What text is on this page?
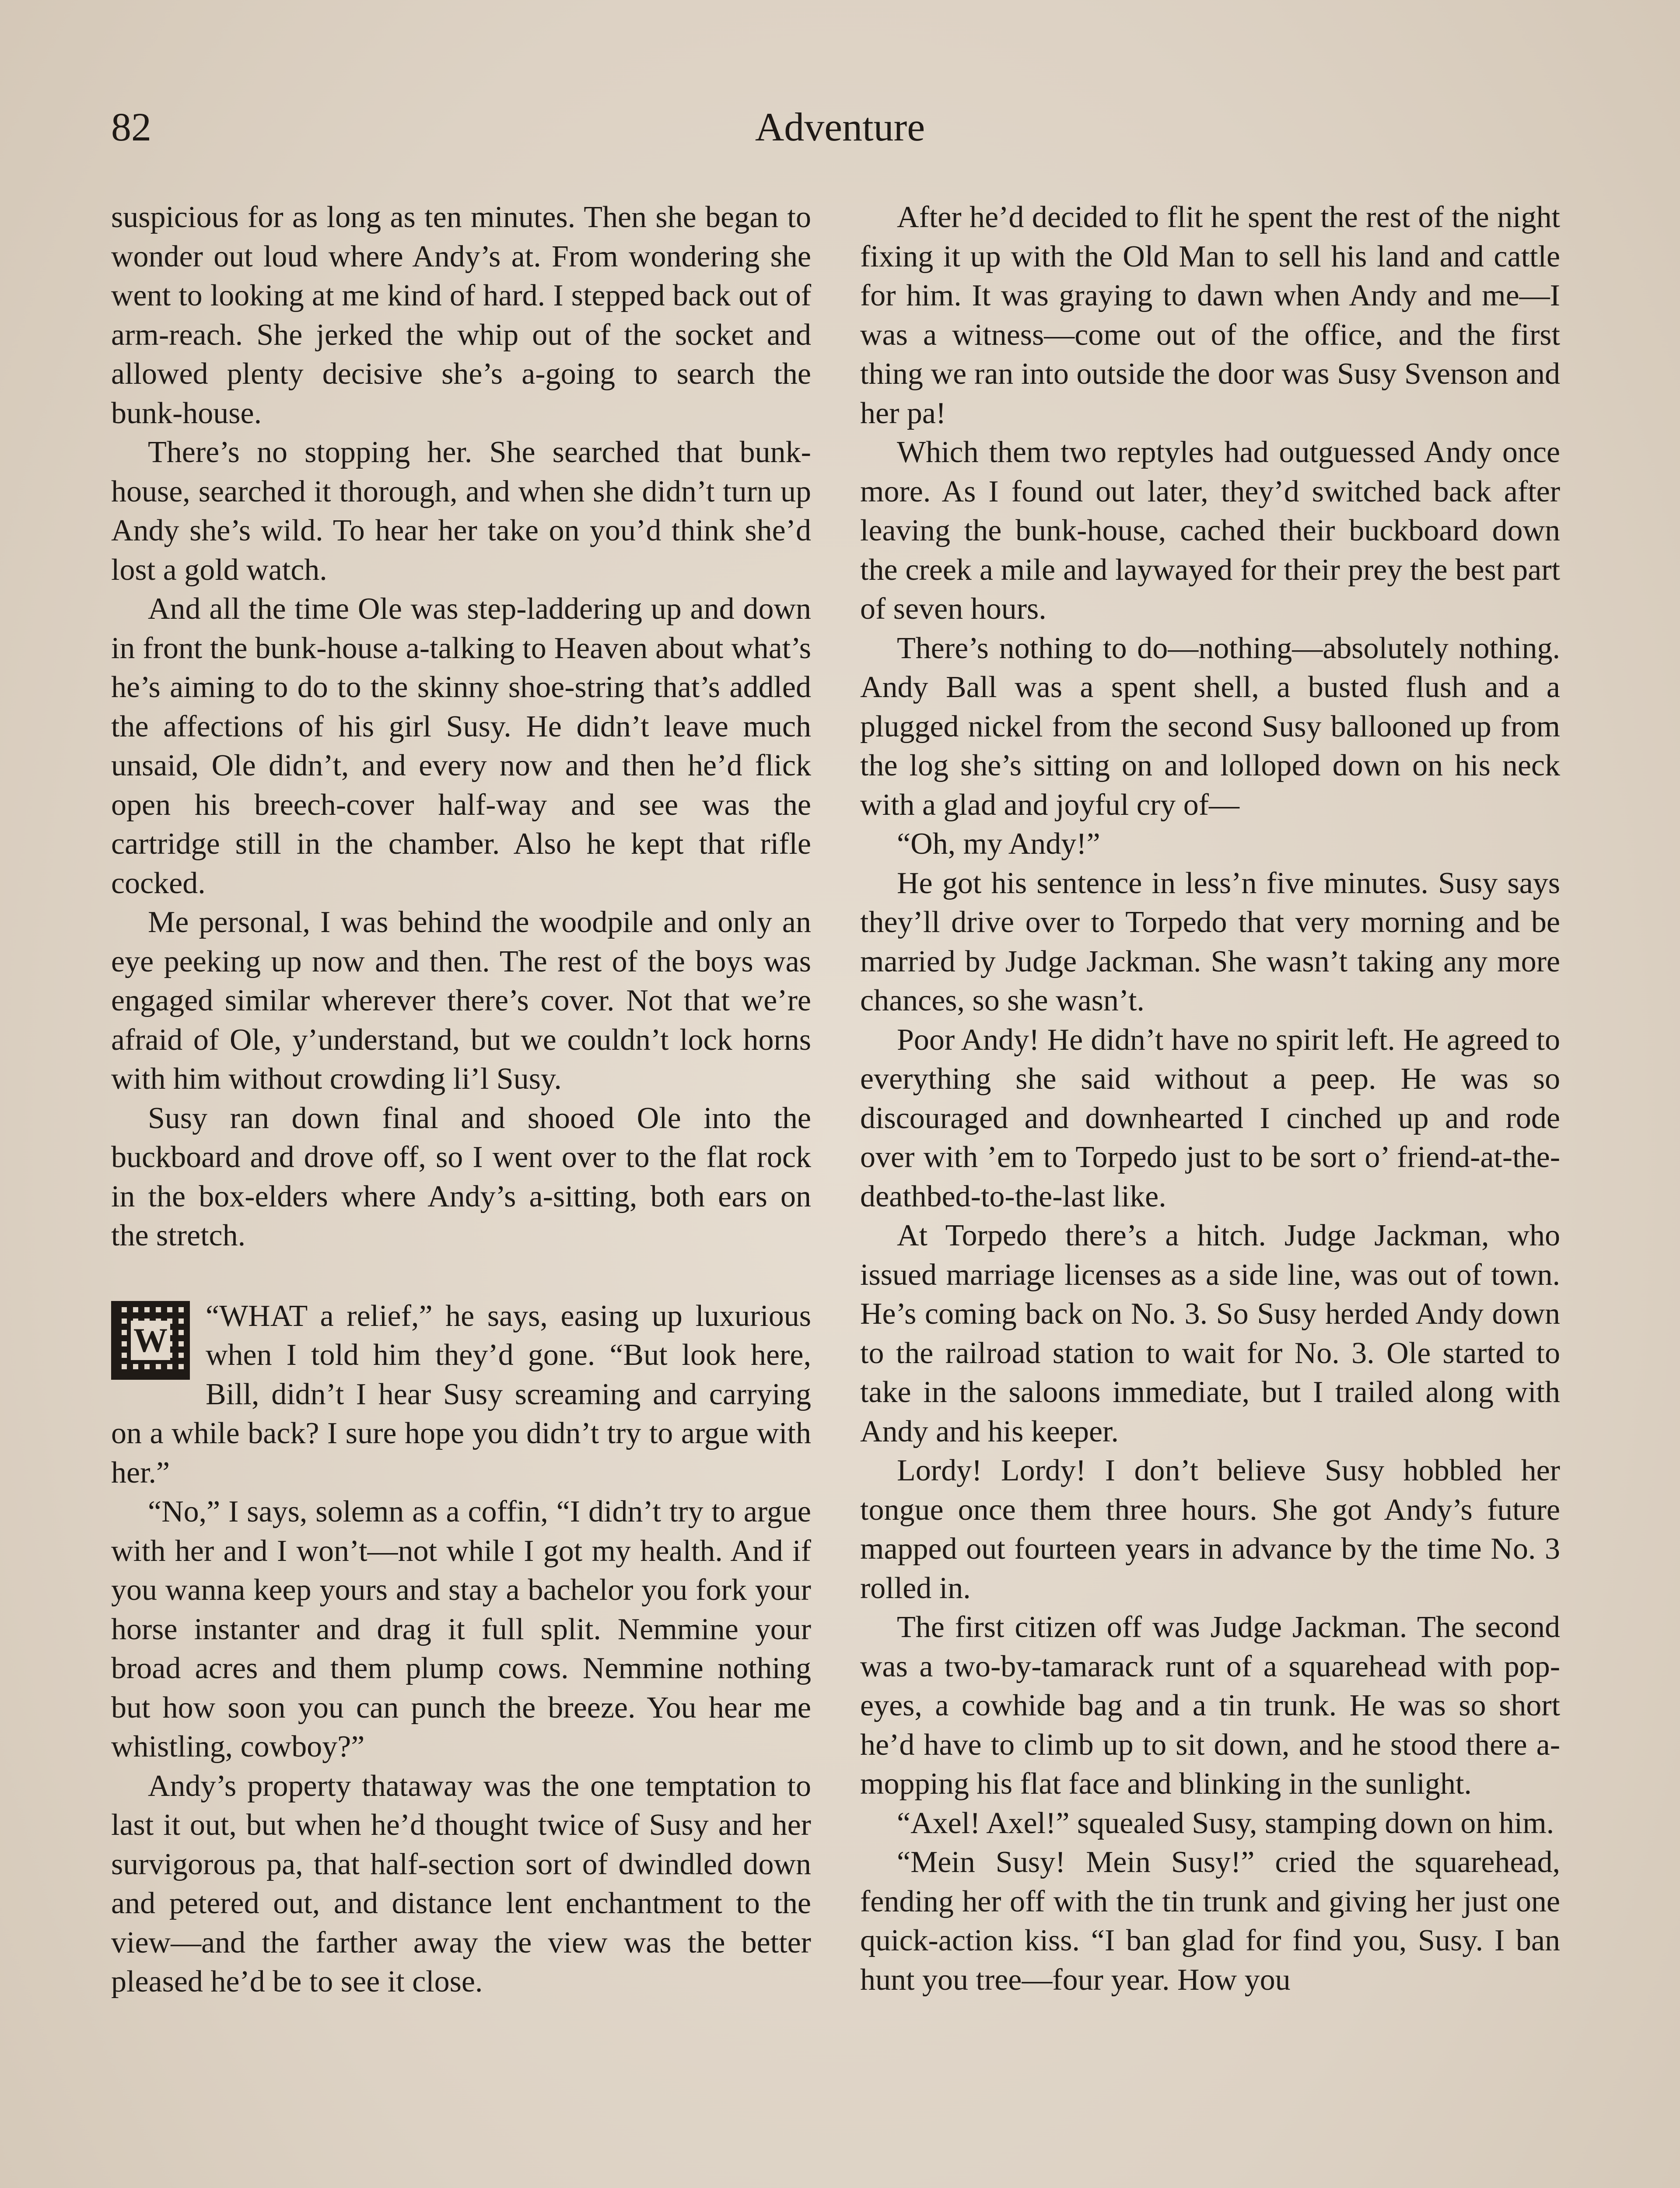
82	Adventure

suspicious for as long as ten minutes. Then she began to wonder out loud where Andy’s at. From wondering she went to looking at me kind of hard. I stepped back out of arm-reach. She jerked the whip out of the socket and allowed plenty decisive she’s a-going to search the bunk-house.

There’s no stopping her. She searched that bunk-house, searched it thorough, and when she didn’t turn up Andy she’s wild. To hear her take on you’d think she’d lost a gold watch.

And all the time Ole was step-laddering up and down in front the bunk-house a-talking to Heaven about what’s he’s aiming to do to the skinny shoe-string that’s addled the affections of his girl Susy. He didn’t leave much unsaid, Ole didn’t, and every now and then he’d flick open his breech-cover half-way and see was the cartridge still in the chamber. Also he kept that rifle cocked.

Me personal, I was behind the woodpile and only an eye peeking up now and then. The rest of the boys was engaged similar wherever there’s cover. Not that we’re afraid of Ole, y’understand, but we couldn’t lock horns with him without crowding li’l Susy.

Susy ran down final and shooed Ole into the buckboard and drove off, so I went over to the flat rock in the box-elders where Andy’s a-sitting, both ears on the stretch.

W
“WHAT a relief,” he says, easing up luxurious when I told him they’d gone. “But look here, Bill, didn’t I hear Susy screaming and carrying on a while back? I sure hope you didn’t try to argue with her.”

“No,” I says, solemn as a coffin, “I didn’t try to argue with her and I won’t—not while I got my health. And if you wanna keep yours and stay a bachelor you fork your horse instanter and drag it full split. Nemmine your broad acres and them plump cows. Nemmine nothing but how soon you can punch the breeze. You hear me whistling, cowboy?”

Andy’s property thataway was the one temptation to last it out, but when he’d thought twice of Susy and her survigorous pa, that half-section sort of dwindled down and petered out, and distance lent enchantment to the view—and the farther away the view was the better pleased he’d be to see it close.

After he’d decided to flit he spent the rest of the night fixing it up with the Old Man to sell his land and cattle for him. It was graying to dawn when Andy and me—I was a witness—come out of the office, and the first thing we ran into outside the door was Susy Svenson and her pa!

Which them two reptyles had outguessed Andy once more. As I found out later, they’d switched back after leaving the bunk-house, cached their buckboard down the creek a mile and laywayed for their prey the best part of seven hours.

There’s nothing to do—nothing—absolutely nothing. Andy Ball was a spent shell, a busted flush and a plugged nickel from the second Susy ballooned up from the log she’s sitting on and lolloped down on his neck with a glad and joyful cry of—

“Oh, my Andy!”

He got his sentence in less’n five minutes. Susy says they’ll drive over to Torpedo that very morning and be married by Judge Jackman. She wasn’t taking any more chances, so she wasn’t.

Poor Andy! He didn’t have no spirit left. He agreed to everything she said without a peep. He was so discouraged and downhearted I cinched up and rode over with ’em to Torpedo just to be sort o’ friend-at-the-deathbed-to-the-last like.

At Torpedo there’s a hitch. Judge Jackman, who issued marriage licenses as a side line, was out of town. He’s coming back on No. 3. So Susy herded Andy down to the railroad station to wait for No. 3. Ole started to take in the saloons immediate, but I trailed along with Andy and his keeper.

Lordy! Lordy! I don’t believe Susy hobbled her tongue once them three hours. She got Andy’s future mapped out fourteen years in advance by the time No. 3 rolled in.

The first citizen off was Judge Jackman. The second was a two-by-tamarack runt of a squarehead with pop-eyes, a cowhide bag and a tin trunk. He was so short he’d have to climb up to sit down, and he stood there a-mopping his flat face and blinking in the sunlight.

“Axel! Axel!” squealed Susy, stamping down on him.

“Mein Susy! Mein Susy!” cried the squarehead, fending her off with the tin trunk and giving her just one quick-action kiss. “I ban glad for find you, Susy. I ban hunt you tree—four year. How you
